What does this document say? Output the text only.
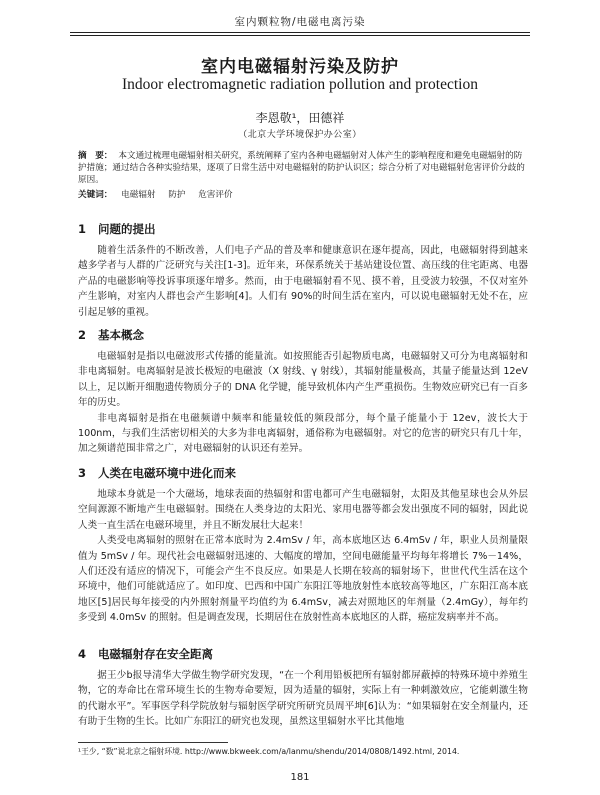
室内颗粒物/电磁电离污染
室内电磁辐射污染及防护
Indoor electromagnetic radiation pollution and protection
李恩敬¹，田德祥
（北京大学环境保护办公室）

摘　要： 本文通过梳理电磁辐射相关研究，系统阐释了室内各种电磁辐射对人体产生的影响程度和避免电磁辐射的防护措施；通过结合各种实验结果，逐项了日常生活中对电磁辐射的防护认识区；综合分析了对电磁辐射危害评价分歧的原因。

关键词： 电磁辐射 防护 危害评价

1 问题的提出

随着生活条件的不断改善，人们电子产品的普及率和健康意识在逐年提高，因此，电磁辐射得到越来越多学者与人群的广泛研究与关注[1-3]。近年来，环保系统关于基站建设位置、高压线的住宅距离、电器产品的电磁影响等投诉事项逐年增多。然而，由于电磁辐射看不见、摸不着，且受波力较强，不仅对室外产生影响，对室内人群也会产生影响[4]。人们有 90%的时间生活在室内，可以说电磁辐射无处不在，应引起足够的重视。

2 基本概念

电磁辐射是指以电磁波形式传播的能量流。如按照能否引起物质电离，电磁辐射又可分为电离辐射和非电离辐射。电离辐射是波长极短的电磁波（X 射线、γ 射线），其辐射能量极高，其量子能量达到 12eV 以上，足以断开细胞遗传物质分子的 DNA 化学键，能导致机体内产生严重损伤。生物效应研究已有一百多年的历史。

非电离辐射是指在电磁频谱中频率和能量较低的频段部分，每个量子能量小于 12ev，波长大于100nm，与我们生活密切相关的大多为非电离辐射，通俗称为电磁辐射。对它的危害的研究只有几十年，加之频谱范围非常之广，对电磁辐射的认识还有差异。

3 人类在电磁环境中进化而来

地球本身就是一个大磁场，地球表面的热辐射和雷电都可产生电磁辐射，太阳及其他星球也会从外层空间源源不断地产生电磁辐射。围绕在人类身边的太阳光、家用电器等都会发出强度不同的辐射，因此说人类一直生活在电磁环境里，并且不断发展壮大起来！

人类受电离辐射的照射在正常本底时为 2.4mSv / 年，高本底地区达 6.4mSv / 年，职业人员剂量限值为 5mSv / 年。现代社会电磁辐射迅速的、大幅度的增加，空间电磁能量平均每年将增长 7%－14%，人们还没有适应的情况下，可能会产生不良反应。如果是人长期在较高的辐射场下，世世代代生活在这个环境中，他们可能就适应了。如印度、巴西和中国广东阳江等地放射性本底较高等地区，广东阳江高本底地区[5]居民每年接受的内外照射剂量平均值约为 6.4mSv，减去对照地区的年剂量（2.4mGy），每年约多受到 4.0mSv 的照射。但是调查发现，长期居住在放射性高本底地区的人群，癌症发病率并不高。

4 电磁辐射存在安全距离

据王少b报导清华大学做生物学研究发现，“在一个利用铅板把所有辐射都屏蔽掉的特殊环境中养殖生物，它的寿命比在常环境生长的生物寿命要短，因为适量的辐射，实际上有一种刺激效应，它能刺激生物的代谢水平”。军事医学科学院放射与辐射医学研究所研究员周平坤[6]认为：“如果辐射在安全剂量内，还有助于生物的生长。比如广东阳江的研究也发现，虽然这里辐射水平比其他地

¹王少, “数”说北京之辐射环境. http://www.bkweek.com/a/lanmu/shendu/2014/0808/1492.html, 2014.

181
